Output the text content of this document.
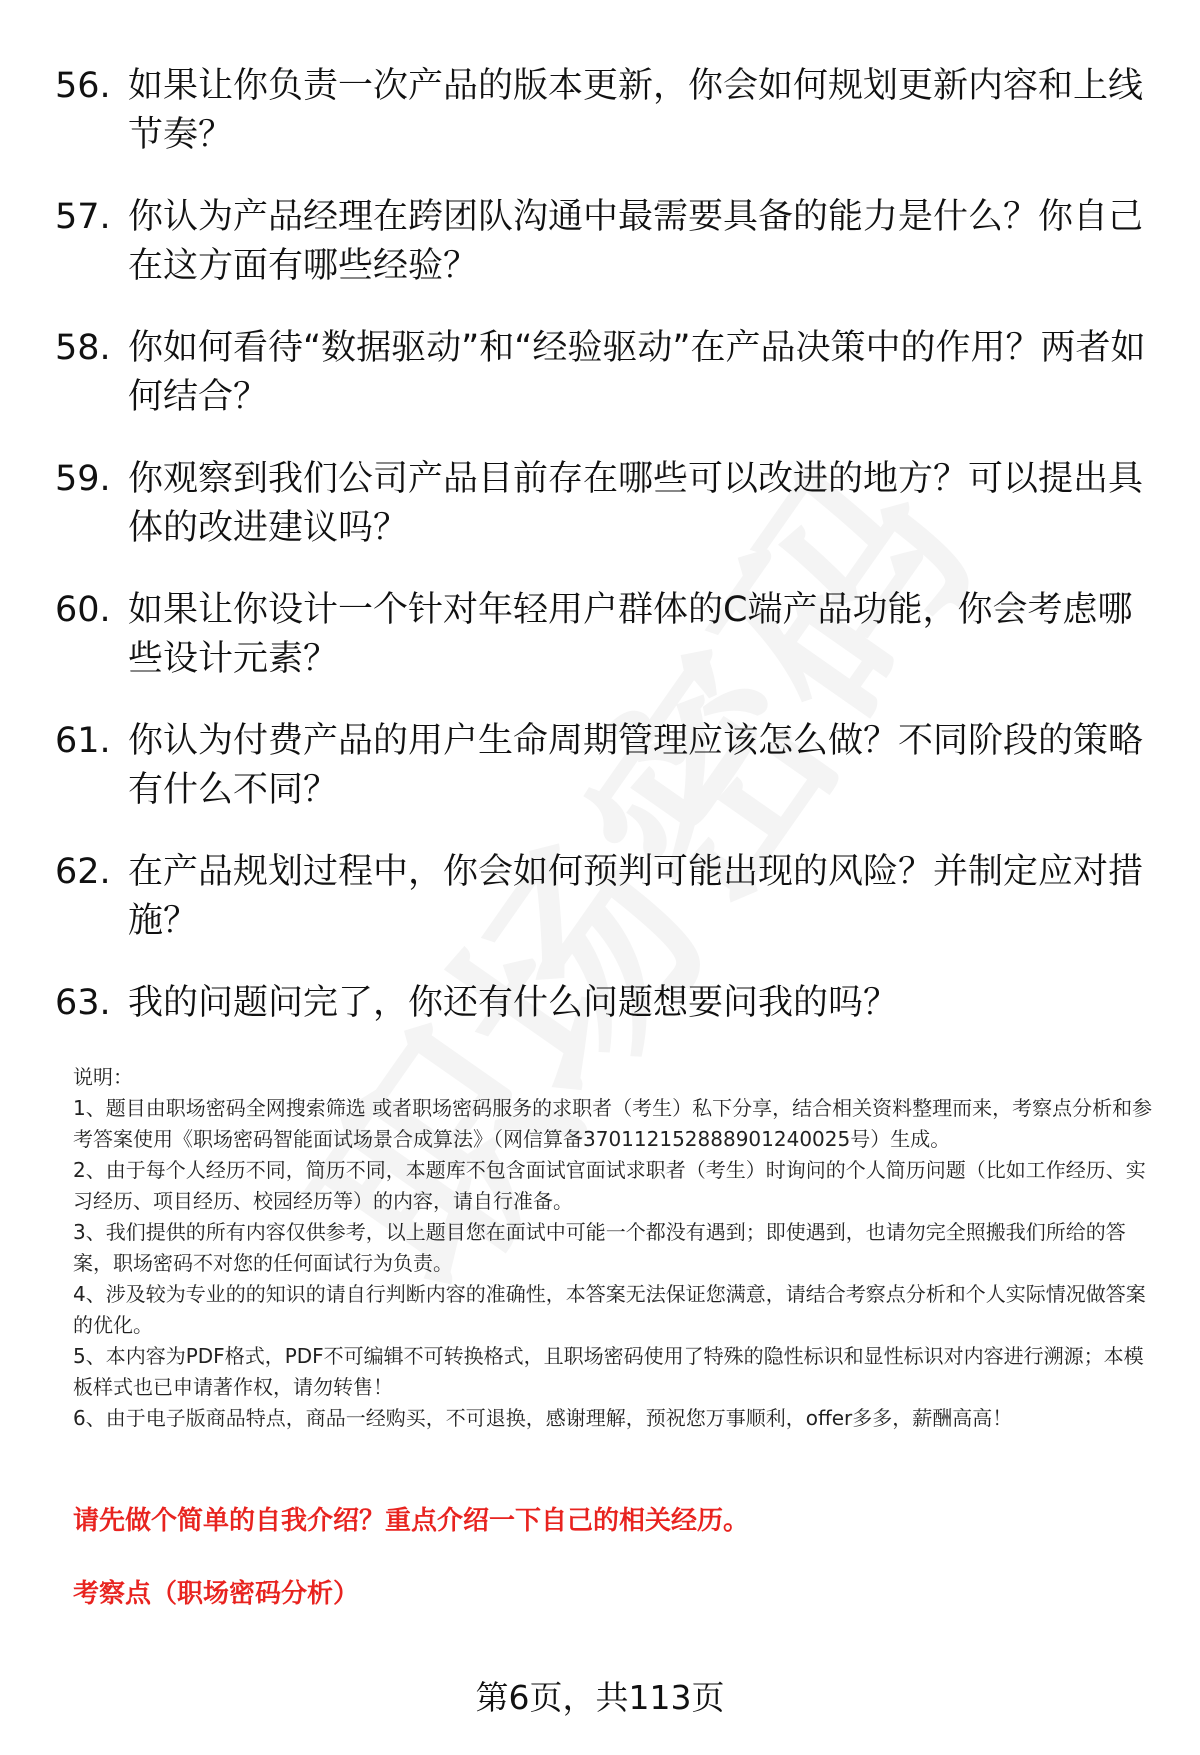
56. 如果让你负责一次产品的版本更新，你会如何规划更新内容和上线节奏？
57. 你认为产品经理在跨团队沟通中最需要具备的能力是什么？你自己在这方面有哪些经验？
58. 你如何看待“数据驱动”和“经验驱动”在产品决策中的作用？两者如何结合？
59. 你观察到我们公司产品目前存在哪些可以改进的地方？可以提出具体的改进建议吗？
60. 如果让你设计一个针对年轻用户群体的C端产品功能，你会考虑哪些设计元素？
61. 你认为付费产品的用户生命周期管理应该怎么做？不同阶段的策略有什么不同？
62. 在产品规划过程中，你会如何预判可能出现的风险？并制定应对措施？
63. 我的问题问完了，你还有什么问题想要问我的吗？
说明：
1、题目由职场密码全网搜索筛选 或者职场密码服务的求职者（考生）私下分享，结合相关资料整理而来，考察点分析和参考答案使用《职场密码智能面试场景合成算法》（网信算备370112152888901240025号）生成。
2、由于每个人经历不同，简历不同，本题库不包含面试官面试求职者（考生）时询问的个人简历问题（比如工作经历、实习经历、项目经历、校园经历等）的内容，请自行准备。
3、我们提供的所有内容仅供参考，以上题目您在面试中可能一个都没有遇到；即使遇到，也请勿完全照搬我们所给的答案，职场密码不对您的任何面试行为负责。
4、涉及较为专业的的知识的请自行判断内容的准确性，本答案无法保证您满意，请结合考察点分析和个人实际情况做答案的优化。
5、本内容为PDF格式，PDF不可编辑不可转换格式，且职场密码使用了特殊的隐性标识和显性标识对内容进行溯源；本模板样式也已申请著作权，请勿转售！
6、由于电子版商品特点，商品一经购买，不可退换，感谢理解，预祝您万事顺利，offer多多，薪酬高高！
请先做个简单的自我介绍？重点介绍一下自己的相关经历。
考察点（职场密码分析）
第6页，共113页
